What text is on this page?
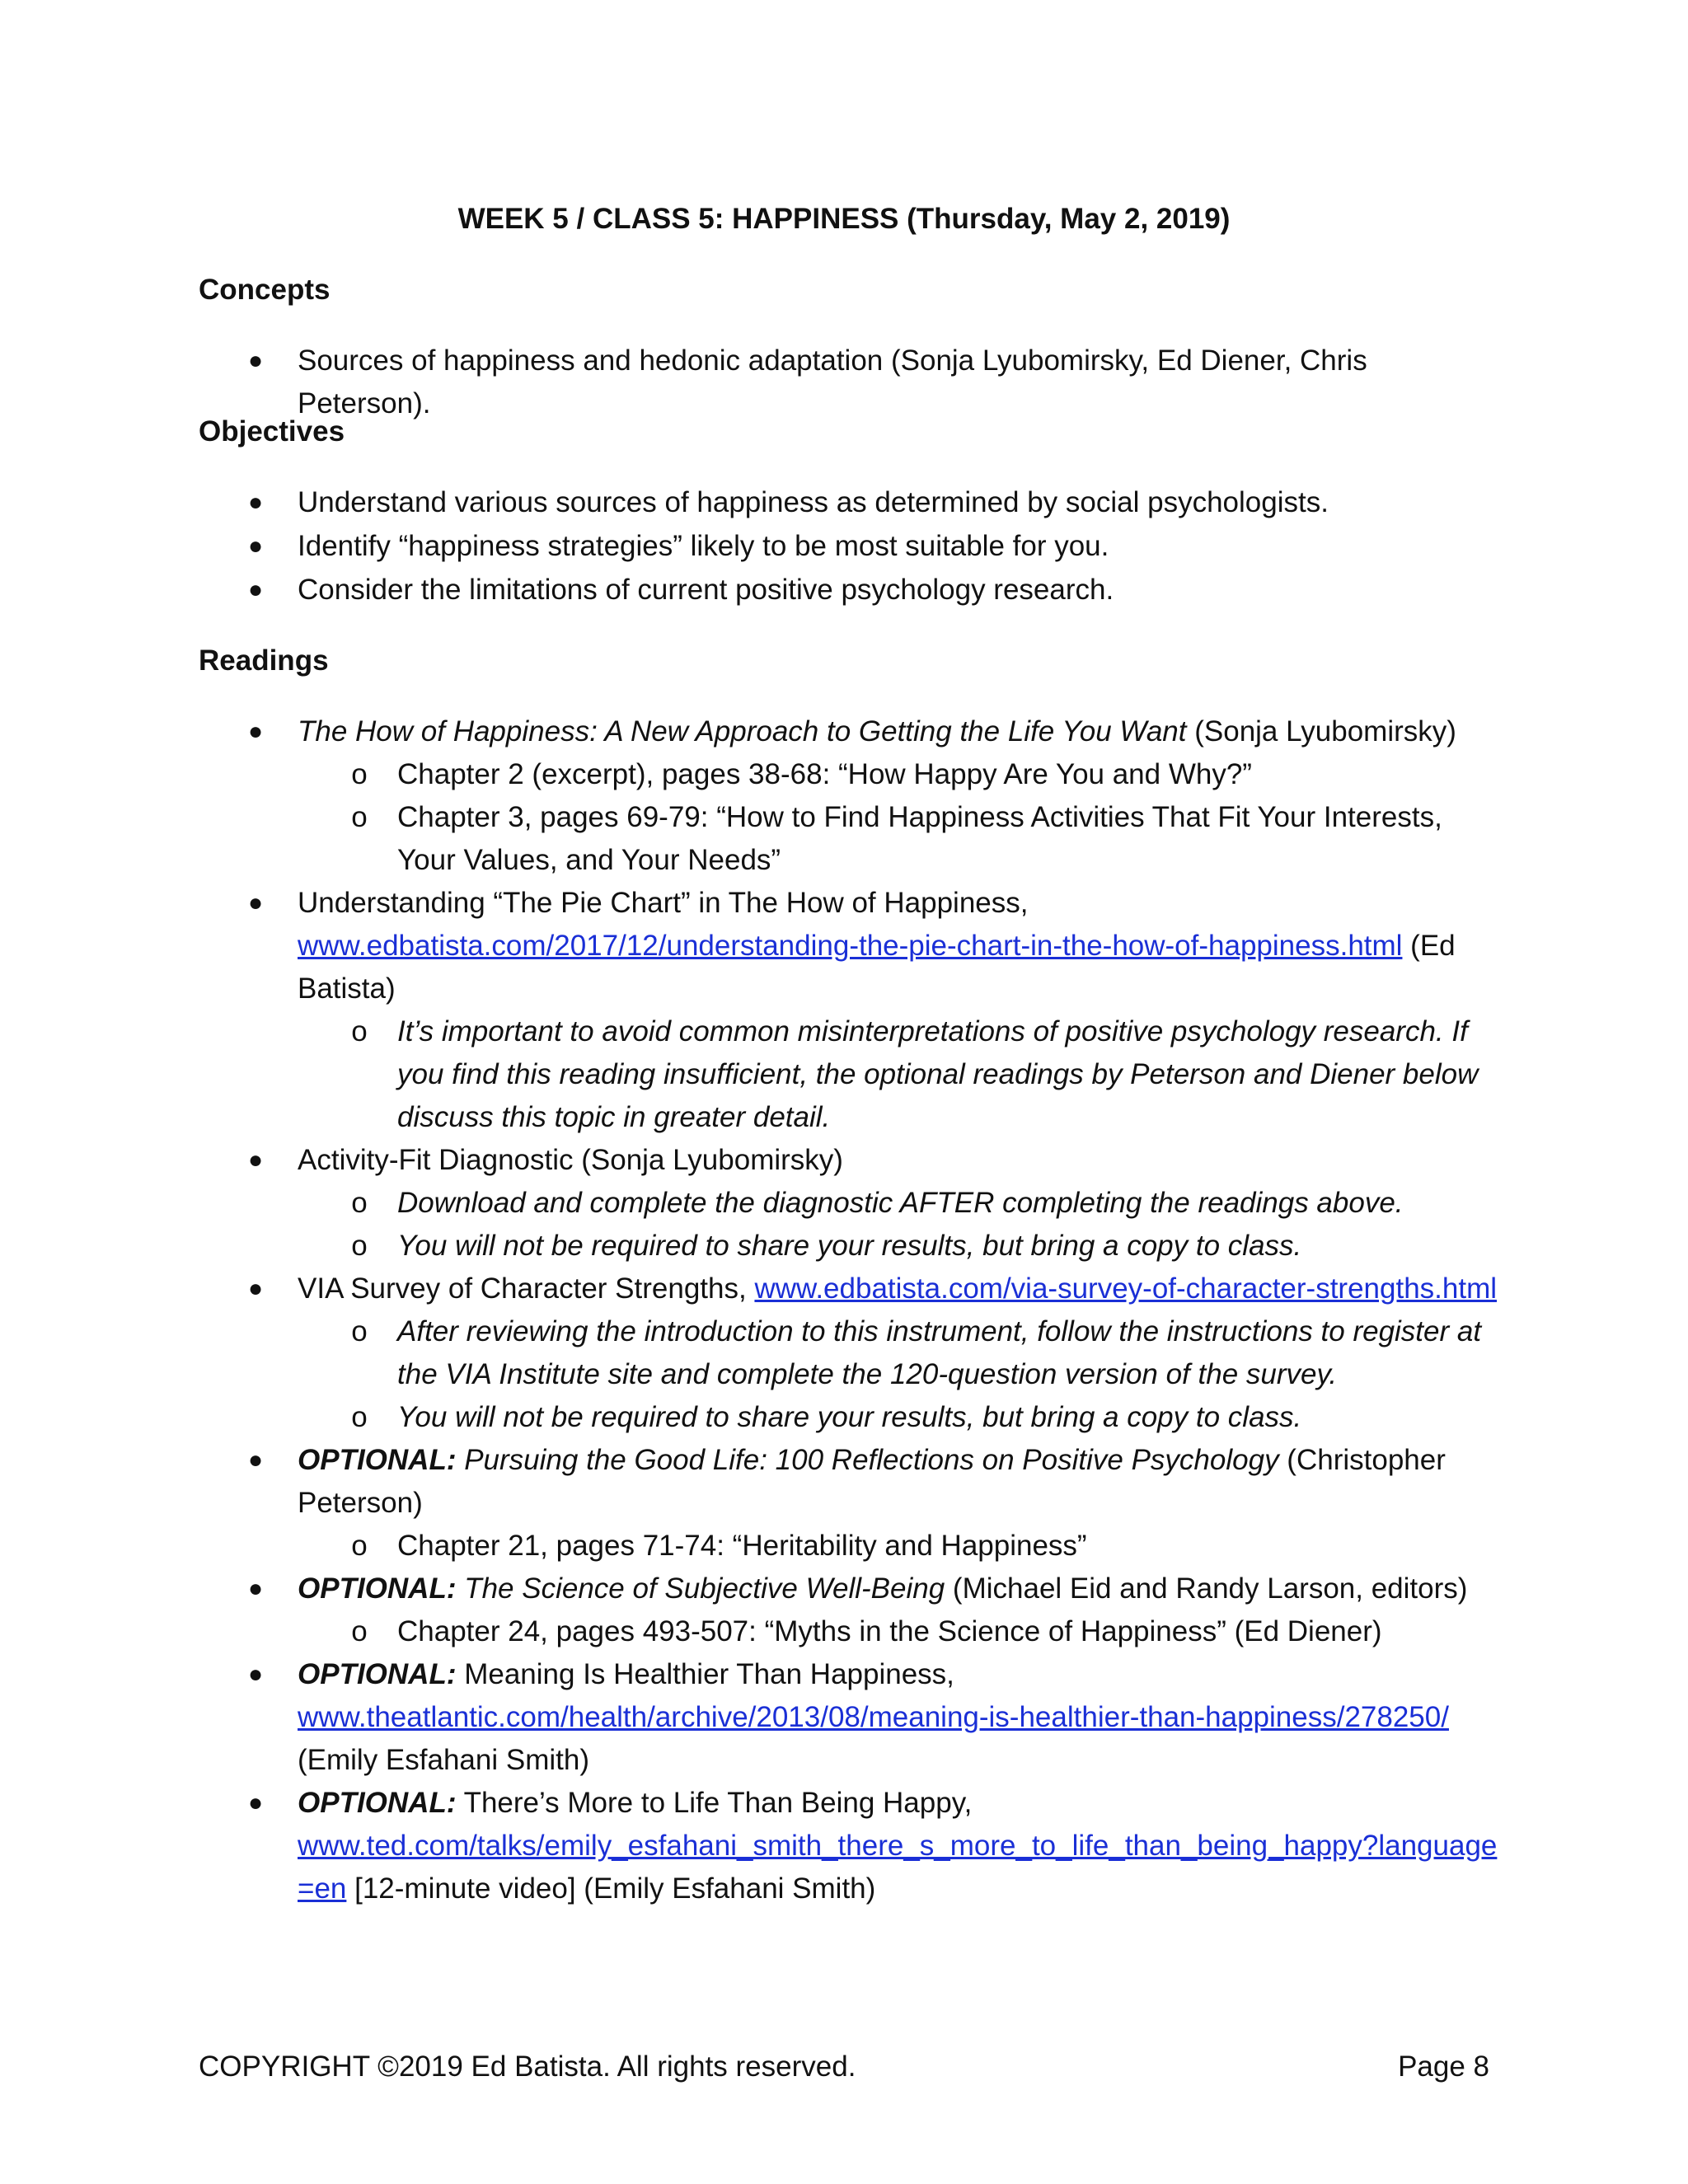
WEEK 5 / CLASS 5: HAPPINESS (Thursday, May 2, 2019)
Concepts
● Sources of happiness and hedonic adaptation (Sonja Lyubomirsky, Ed Diener, Chris Peterson).
Objectives
● Understand various sources of happiness as determined by social psychologists.
● Identify “happiness strategies” likely to be most suitable for you.
● Consider the limitations of current positive psychology research.
Readings
● The How of Happiness: A New Approach to Getting the Life You Want (Sonja Lyubomirsky)
o Chapter 2 (excerpt), pages 38-68: “How Happy Are You and Why?”
o Chapter 3, pages 69-79: “How to Find Happiness Activities That Fit Your Interests, Your Values, and Your Needs”
● Understanding “The Pie Chart” in The How of Happiness,
www.edbatista.com/2017/12/understanding-the-pie-chart-in-the-how-of-happiness.html (Ed Batista)
o It’s important to avoid common misinterpretations of positive psychology research. If you find this reading insufficient, the optional readings by Peterson and Diener below discuss this topic in greater detail.
● Activity-Fit Diagnostic (Sonja Lyubomirsky)
o Download and complete the diagnostic AFTER completing the readings above.
o You will not be required to share your results, but bring a copy to class.
● VIA Survey of Character Strengths, www.edbatista.com/via-survey-of-character-strengths.html
o After reviewing the introduction to this instrument, follow the instructions to register at the VIA Institute site and complete the 120-question version of the survey.
o You will not be required to share your results, but bring a copy to class.
● OPTIONAL: Pursuing the Good Life: 100 Reflections on Positive Psychology (Christopher Peterson)
o Chapter 21, pages 71-74: “Heritability and Happiness”
● OPTIONAL: The Science of Subjective Well-Being (Michael Eid and Randy Larson, editors)
o Chapter 24, pages 493-507: “Myths in the Science of Happiness” (Ed Diener)
● OPTIONAL: Meaning Is Healthier Than Happiness,
www.theatlantic.com/health/archive/2013/08/meaning-is-healthier-than-happiness/278250/
(Emily Esfahani Smith)
● OPTIONAL: There’s More to Life Than Being Happy,
www.ted.com/talks/emily_esfahani_smith_there_s_more_to_life_than_being_happy?language
=en [12-minute video] (Emily Esfahani Smith)
COPYRIGHT ©2019 Ed Batista. All rights reserved.	Page 8
